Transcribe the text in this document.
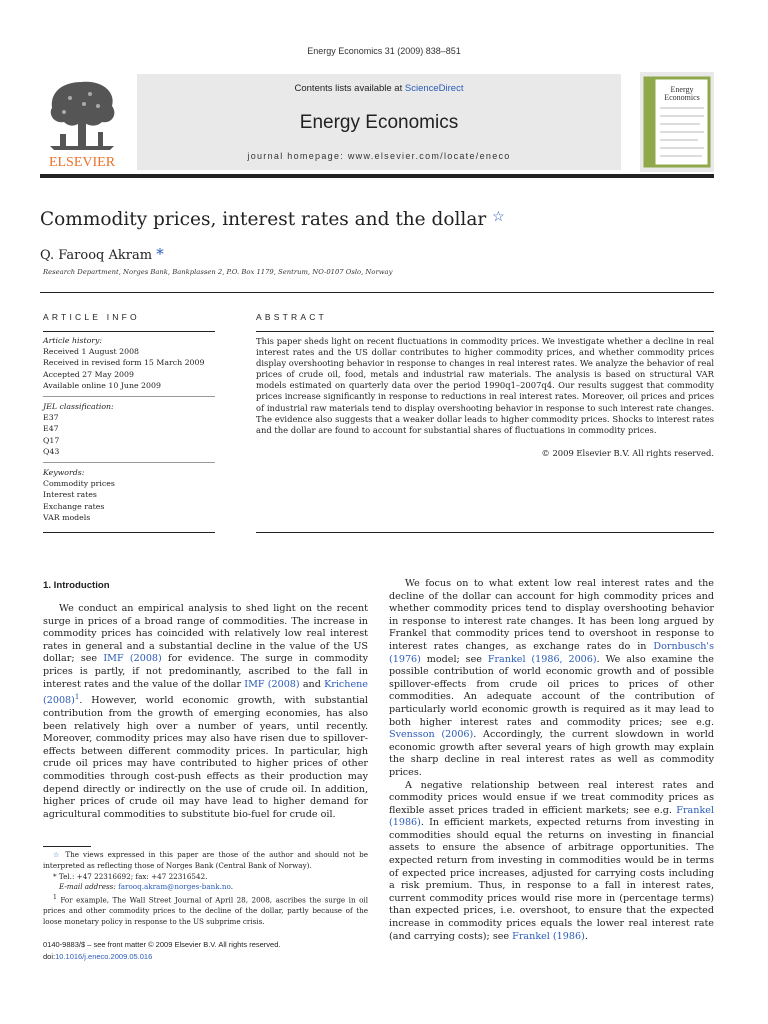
Energy Economics 31 (2009) 838–851
ELSEVIER
Contents lists available at ScienceDirect
Energy Economics
journal homepage: www.elsevier.com/locate/eneco
Energy
Economics
Commodity prices, interest rates and the dollar ☆
Q. Farooq Akram *
Research Department, Norges Bank, Bankplassen 2, P.O. Box 1179, Sentrum, NO-0107 Oslo, Norway
ARTICLE INFO

Article history:

Received 1 August 2008

Received in revised form 15 March 2009

Accepted 27 May 2009

Available online 10 June 2009

JEL classification:

E37

E47

Q17

Q43

Keywords:

Commodity prices

Interest rates

Exchange rates

VAR models

ABSTRACT
This paper sheds light on recent fluctuations in commodity prices. We investigate whether a decline in real interest rates and the US dollar contributes to higher commodity prices, and whether commodity prices display overshooting behavior in response to changes in real interest rates. We analyze the behavior of real prices of crude oil, food, metals and industrial raw materials. The analysis is based on structural VAR models estimated on quarterly data over the period 1990q1–2007q4. Our results suggest that commodity prices increase significantly in response to reductions in real interest rates. Moreover, oil prices and prices of industrial raw materials tend to display overshooting behavior in response to such interest rate changes. The evidence also suggests that a weaker dollar leads to higher commodity prices. Shocks to interest rates and the dollar are found to account for substantial shares of fluctuations in commodity prices.
© 2009 Elsevier B.V. All rights reserved.
1. Introduction

We conduct an empirical analysis to shed light on the recent surge in prices of a broad range of commodities. The increase in commodity prices has coincided with relatively low real interest rates in general and a substantial decline in the value of the US dollar; see IMF (2008) for evidence. The surge in commodity prices is partly, if not predominantly, ascribed to the fall in interest rates and the value of the dollar IMF (2008) and Krichene $(2008)^1$. However, world economic growth, with substantial contribution from the growth of emerging economies, has also been relatively high over a number of years, until recently. Moreover, commodity prices may also have risen due to spillover-effects between different commodity prices. In particular, high crude oil prices may have contributed to higher prices of other commodities through cost-push effects as their production may depend directly or indirectly on the use of crude oil. In addition, higher prices of crude oil may have lead to higher demand for agricultural commodities to substitute bio-fuel for crude oil.

We focus on to what extent low real interest rates and the decline of the dollar can account for high commodity prices and whether commodity prices tend to display overshooting behavior in response to interest rate changes. It has been long argued by Frankel that commodity prices tend to overshoot in response to interest rates changes, as exchange rates do in Dornbusch's (1976) model; see Frankel (1986, 2006). We also examine the possible contribution of world economic growth and of possible spillover-effects from crude oil prices to prices of other commodities. An adequate account of the contribution of particularly world economic growth is required as it may lead to both higher interest rates and commodity prices; see e.g. Svensson (2006). Accordingly, the current slowdown in world economic growth after several years of high growth may explain the sharp decline in real interest rates as well as commodity prices.

A negative relationship between real interest rates and commodity prices would ensue if we treat commodity prices as flexible asset prices traded in efficient markets; see e.g. Frankel (1986). In efficient markets, expected returns from investing in commodities should equal the returns on investing in financial assets to ensure the absence of arbitrage opportunities. The expected return from investing in commodities would be in terms of expected price increases, adjusted for carrying costs including a risk premium. Thus, in response to a fall in interest rates, current commodity prices would rise more in (percentage terms) than expected prices, i.e. overshoot, to ensure that the expected increase in commodity prices equals the lower real interest rate (and carrying costs); see Frankel (1986).

☆ The views expressed in this paper are those of the author and should not be interpreted as reflecting those of Norges Bank (Central Bank of Norway).

* Tel.: +47 22316692; fax: +47 22316542.

E-mail address: farooq.akram@norges-bank.no.

$^1$ For example, The Wall Street Journal of April 28, 2008, ascribes the surge in oil prices and other commodity prices to the decline of the dollar, partly because of the loose monetary policy in response to the US subprime crisis.

0140-9883/$ – see front matter © 2009 Elsevier B.V. All rights reserved.
doi:10.1016/j.eneco.2009.05.016
